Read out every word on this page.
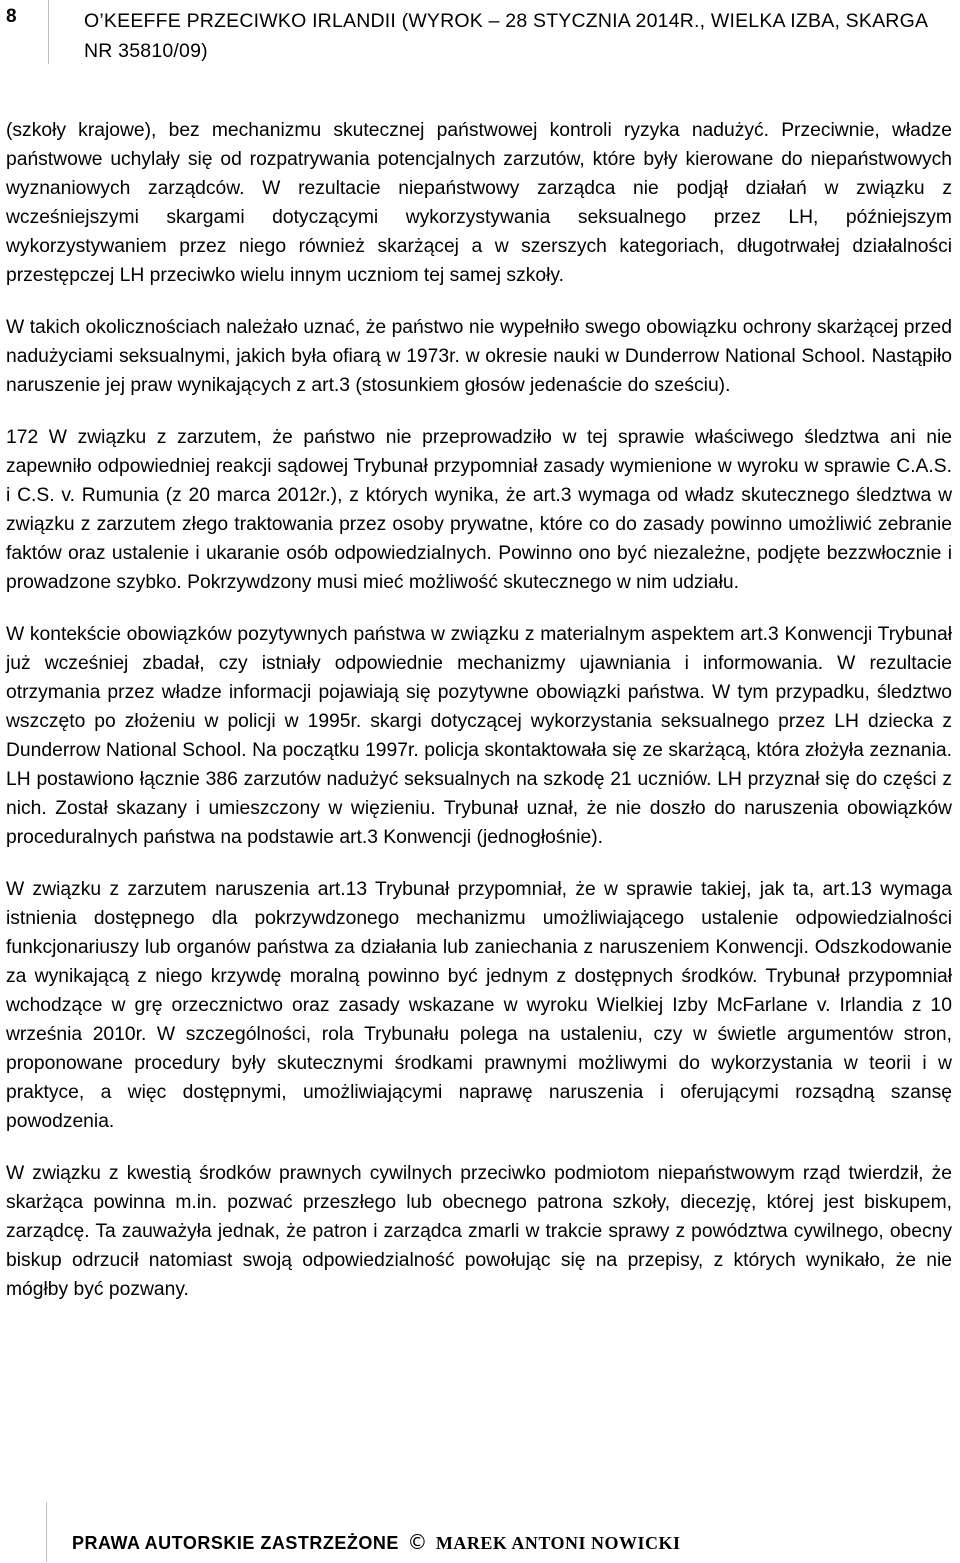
8	O’KEEFFE PRZECIWKO IRLANDII (WYROK – 28 STYCZNIA 2014R., WIELKA IZBA, SKARGA NR 35810/09)

(szkoły krajowe), bez mechanizmu skutecznej państwowej kontroli ryzyka nadużyć. Przeciwnie, władze państwowe uchylały się od rozpatrywania potencjalnych zarzutów, które były kierowane do niepaństwowych wyznaniowych zarządców. W rezultacie niepaństwowy zarządca nie podjął działań w związku z wcześniejszymi skargami dotyczącymi wykorzystywania seksualnego przez LH, późniejszym wykorzystywaniem przez niego również skarżącej a w szerszych kategoriach, długotrwałej działalności przestępczej LH przeciwko wielu innym uczniom tej samej szkoły.

W takich okolicznościach należało uznać, że państwo nie wypełniło swego obowiązku ochrony skarżącej przed nadużyciami seksualnymi, jakich była ofiarą w 1973r. w okresie nauki w Dunderrow National School. Nastąpiło naruszenie jej praw wynikających z art.3 (stosunkiem głosów jedenaście do sześciu).

172 W związku z zarzutem, że państwo nie przeprowadziło w tej sprawie właściwego śledztwa ani nie zapewniło odpowiedniej reakcji sądowej Trybunał przypomniał zasady wymienione w wyroku w sprawie C.A.S. i C.S. v. Rumunia (z 20 marca 2012r.), z których wynika, że art.3 wymaga od władz skutecznego śledztwa w związku z zarzutem złego traktowania przez osoby prywatne, które co do zasady powinno umożliwić zebranie faktów oraz ustalenie i ukaranie osób odpowiedzialnych. Powinno ono być niezależne, podjęte bezzwłocznie i prowadzone szybko. Pokrzywdzony musi mieć możliwość skutecznego w nim udziału.

W kontekście obowiązków pozytywnych państwa w związku z materialnym aspektem art.3 Konwencji Trybunał już wcześniej zbadał, czy istniały odpowiednie mechanizmy ujawniania i informowania. W rezultacie otrzymania przez władze informacji pojawiają się pozytywne obowiązki państwa. W tym przypadku, śledztwo wszczęto po złożeniu w policji w 1995r. skargi dotyczącej wykorzystania seksualnego przez LH dziecka z Dunderrow National School. Na początku 1997r. policja skontaktowała się ze skarżącą, która złożyła zeznania. LH postawiono łącznie 386 zarzutów nadużyć seksualnych na szkodę 21 uczniów. LH przyznał się do części z nich. Został skazany i umieszczony w więzieniu. Trybunał uznał, że nie doszło do naruszenia obowiązków proceduralnych państwa na podstawie art.3 Konwencji (jednogłośnie).

W związku z zarzutem naruszenia art.13 Trybunał przypomniał, że w sprawie takiej, jak ta, art.13 wymaga istnienia dostępnego dla pokrzywdzonego mechanizmu umożliwiającego ustalenie odpowiedzialności funkcjonariuszy lub organów państwa za działania lub zaniechania z naruszeniem Konwencji. Odszkodowanie za wynikającą z niego krzywdę moralną powinno być jednym z dostępnych środków. Trybunał przypomniał wchodzące w grę orzecznictwo oraz zasady wskazane w wyroku Wielkiej Izby McFarlane v. Irlandia z 10 września 2010r. W szczególności, rola Trybunału polega na ustaleniu, czy w świetle argumentów stron, proponowane procedury były skutecznymi środkami prawnymi możliwymi do wykorzystania w teorii i w praktyce, a więc dostępnymi, umożliwiającymi naprawę naruszenia i oferującymi rozsądną szansę powodzenia.

W związku z kwestią środków prawnych cywilnych przeciwko podmiotom niepaństwowym rząd twierdził, że skarżąca powinna m.in. pozwać przeszłego lub obecnego patrona szkoły, diecezję, której jest biskupem, zarządcę. Ta zauważyła jednak, że patron i zarządca zmarli w trakcie sprawy z powództwa cywilnego, obecny biskup odrzucił natomiast swoją odpowiedzialność powołując się na przepisy, z których wynikało, że nie mógłby być pozwany.

PRAWA AUTORSKIE ZASTRZEŻONE © MAREK ANTONI NOWICKI
